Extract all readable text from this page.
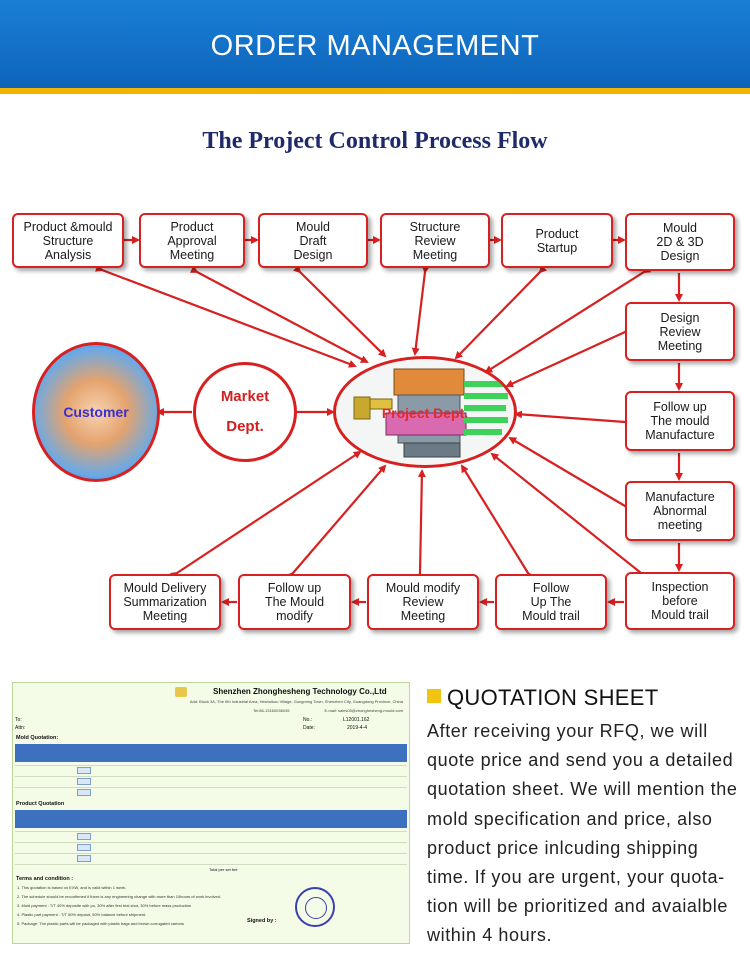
ORDER MANAGEMENT
The Project Control Process Flow
Product &mould
Structure
Analysis
Product
Approval
Meeting
Mould
Draft
Design
Structure
Review
Meeting
Product
Startup
Mould
2D & 3D
Design
Design
Review
Meeting
Follow up
The mould
Manufacture
Manufacture
Abnormal
meeting
Inspection
before
Mould trail
Follow
Up The
Mould trail
Mould modify
Review
Meeting
Follow up
The Mould
modify
Mould Delivery
Summarization
Meeting
Customer
Market
Dept.
Project Dept.
Shenzhen Zhonghesheng Technology Co.,Ltd
Add: Block 3A, The 6th Industrial Area, Heshuikou Village, Gongming Town, Shenzhen City, Guangdong Province, China
Tel:86-13160036035	E-mail: sales05@zhonghesheng-mould.com
To:
Attn:
No.:	L12001.162
Date:	2019-4-4
Mold Quotation:
Product Quotation
Total per set fee
Terms and condition :
1. This quotation is based on EXW, and is valid within 1 week.
2. The schedule should be reconfirmed if there is any engineering change with more than 10hours of work involved.
3. Mold payment : T/T 40% deposite with po, 30% after first trial shot, 30% before mass production
4. Plastic part payment : T/T 50% deposit, 50% balance before shipment.
5. Package: The plastic parts will be packaged with plastic bags and brown corrugated cartons	Signed by :
QUOTATION SHEET
After receiving your RFQ, we will quote price and send you a detailed quotation sheet. We will mention the mold specification and price, also product price inlcuding shipping time. If you are urgent, your quota-tion will be prioritized and avaialble within 4 hours.
